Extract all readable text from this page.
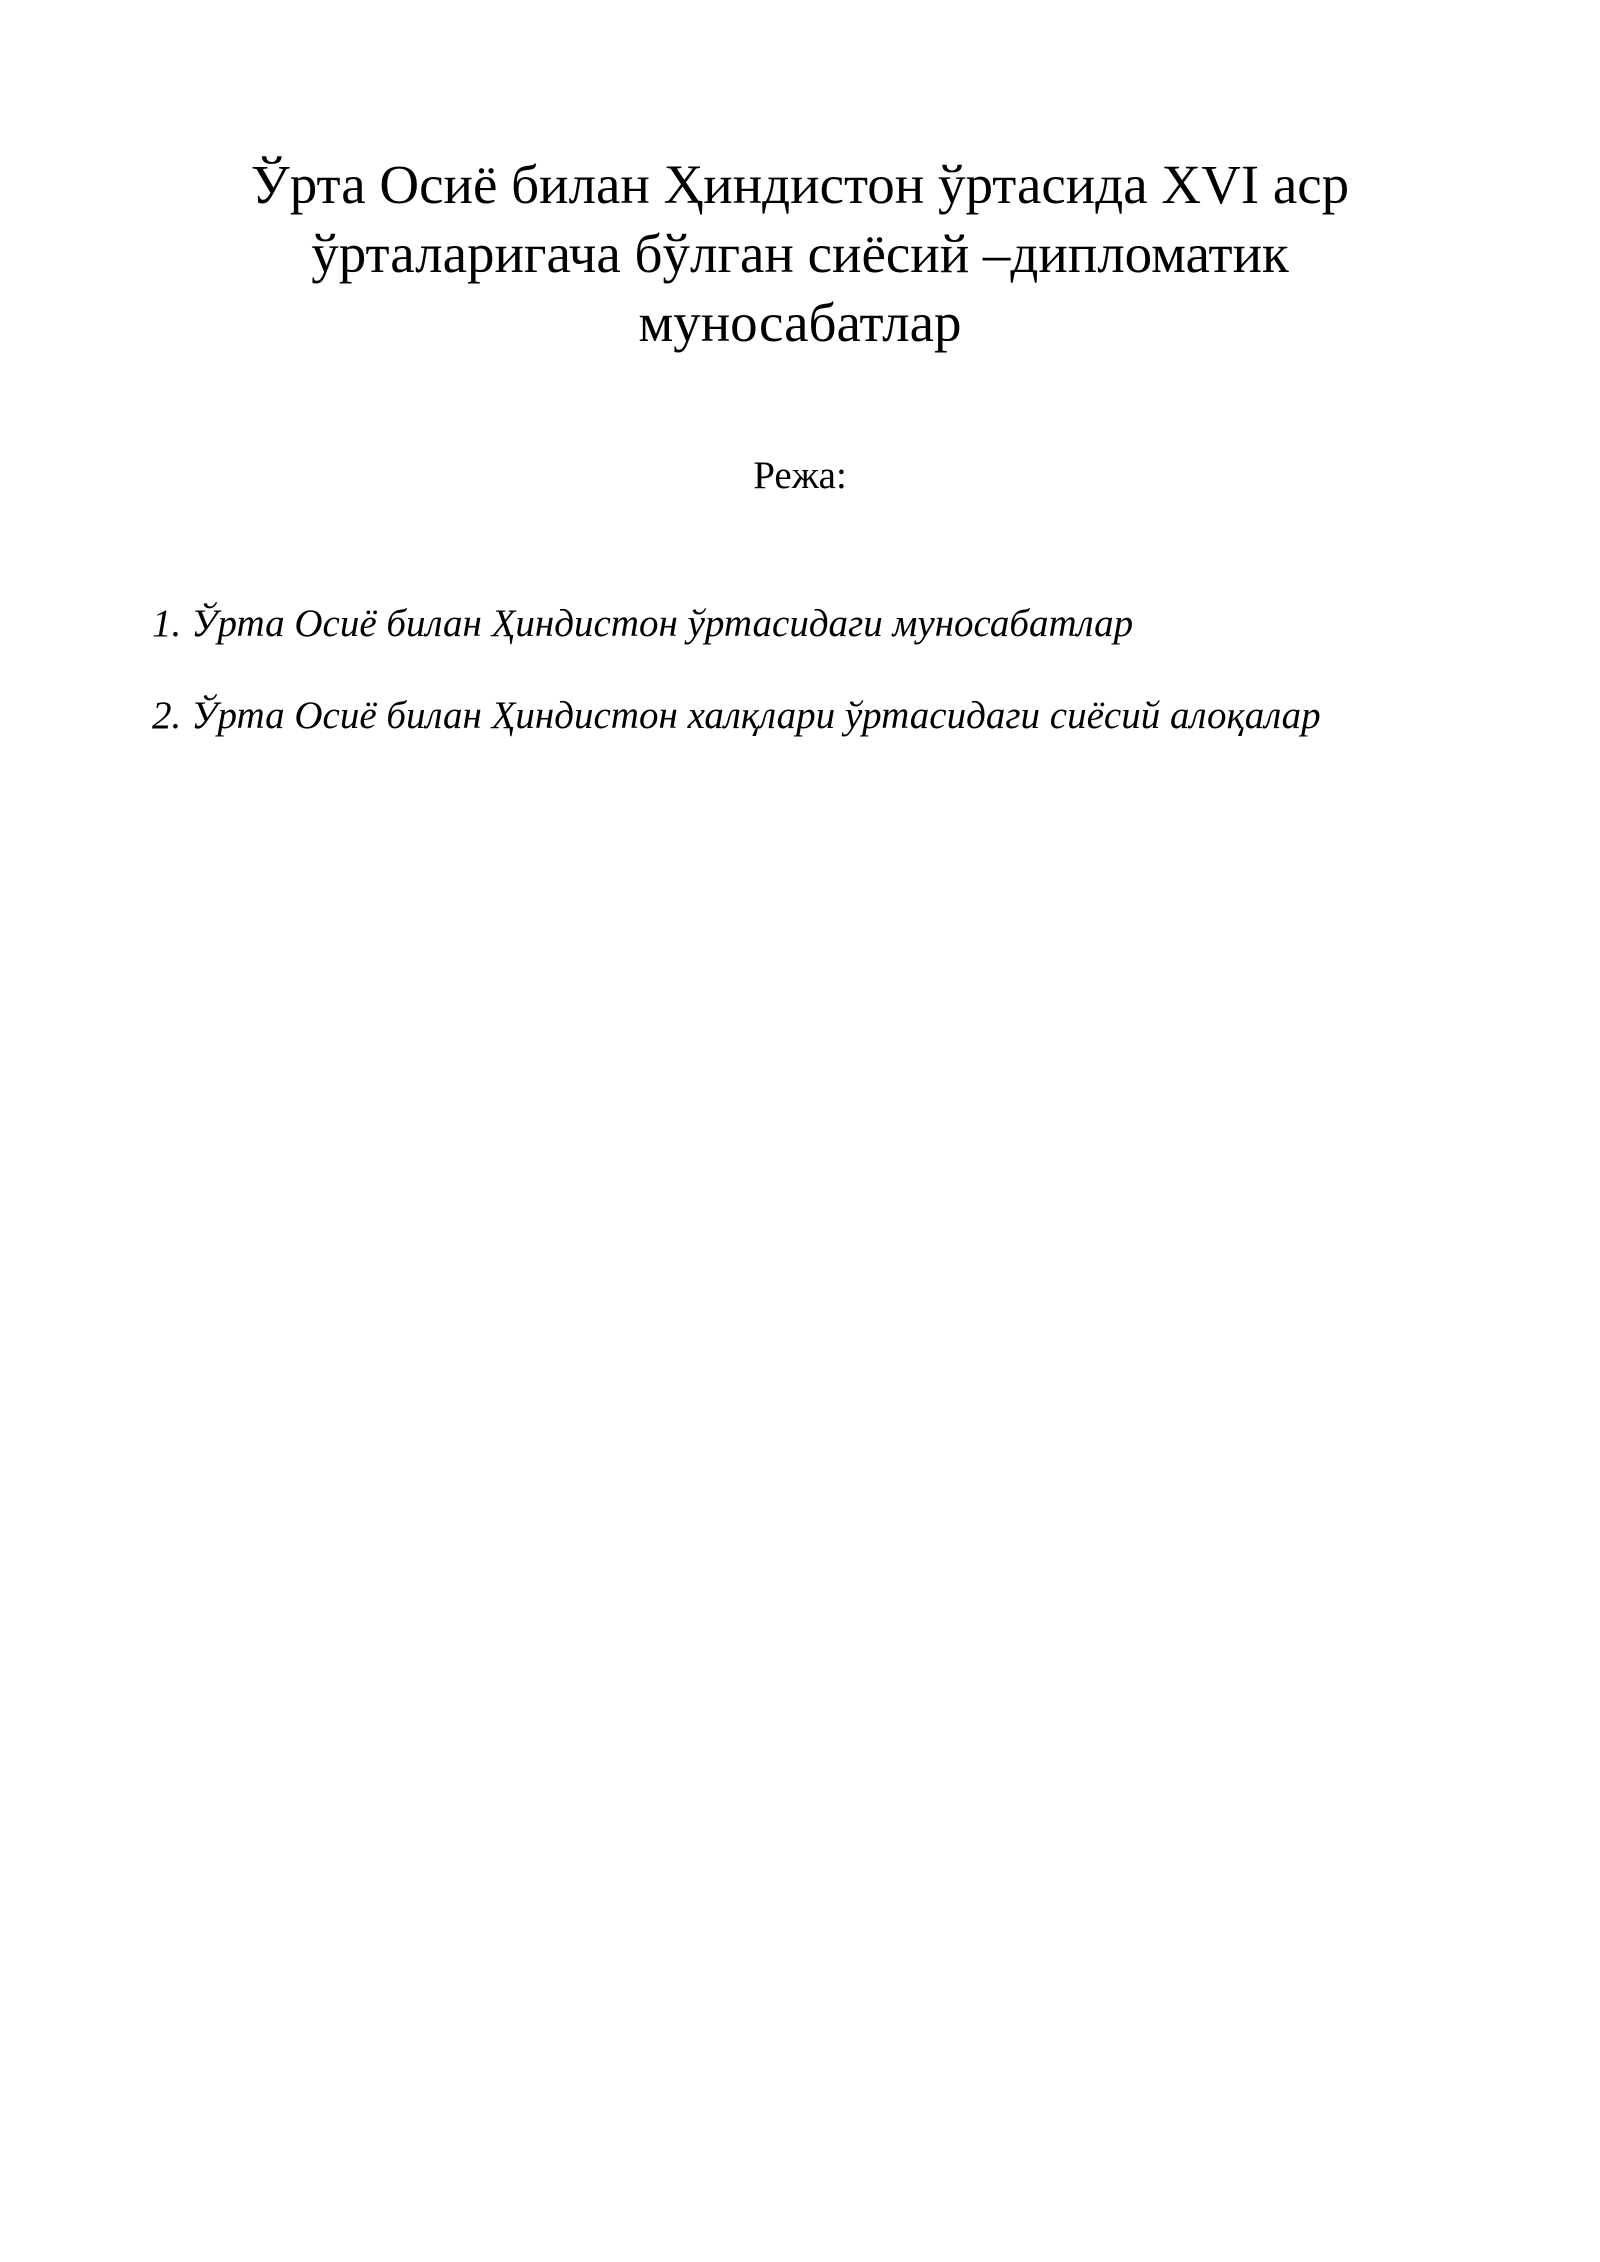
Ўрта Осиё билан Ҳиндистон ўртасида XVI аср
ўрталаригача бўлган сиёсий –дипломатик
муносабатлар

Режа:

1. Ўрта Осиё билан Ҳиндистон ўртасидаги муносабатлар
2. Ўрта Осиё билан Ҳиндистон халқлари ўртасидаги сиёсий алоқалар
